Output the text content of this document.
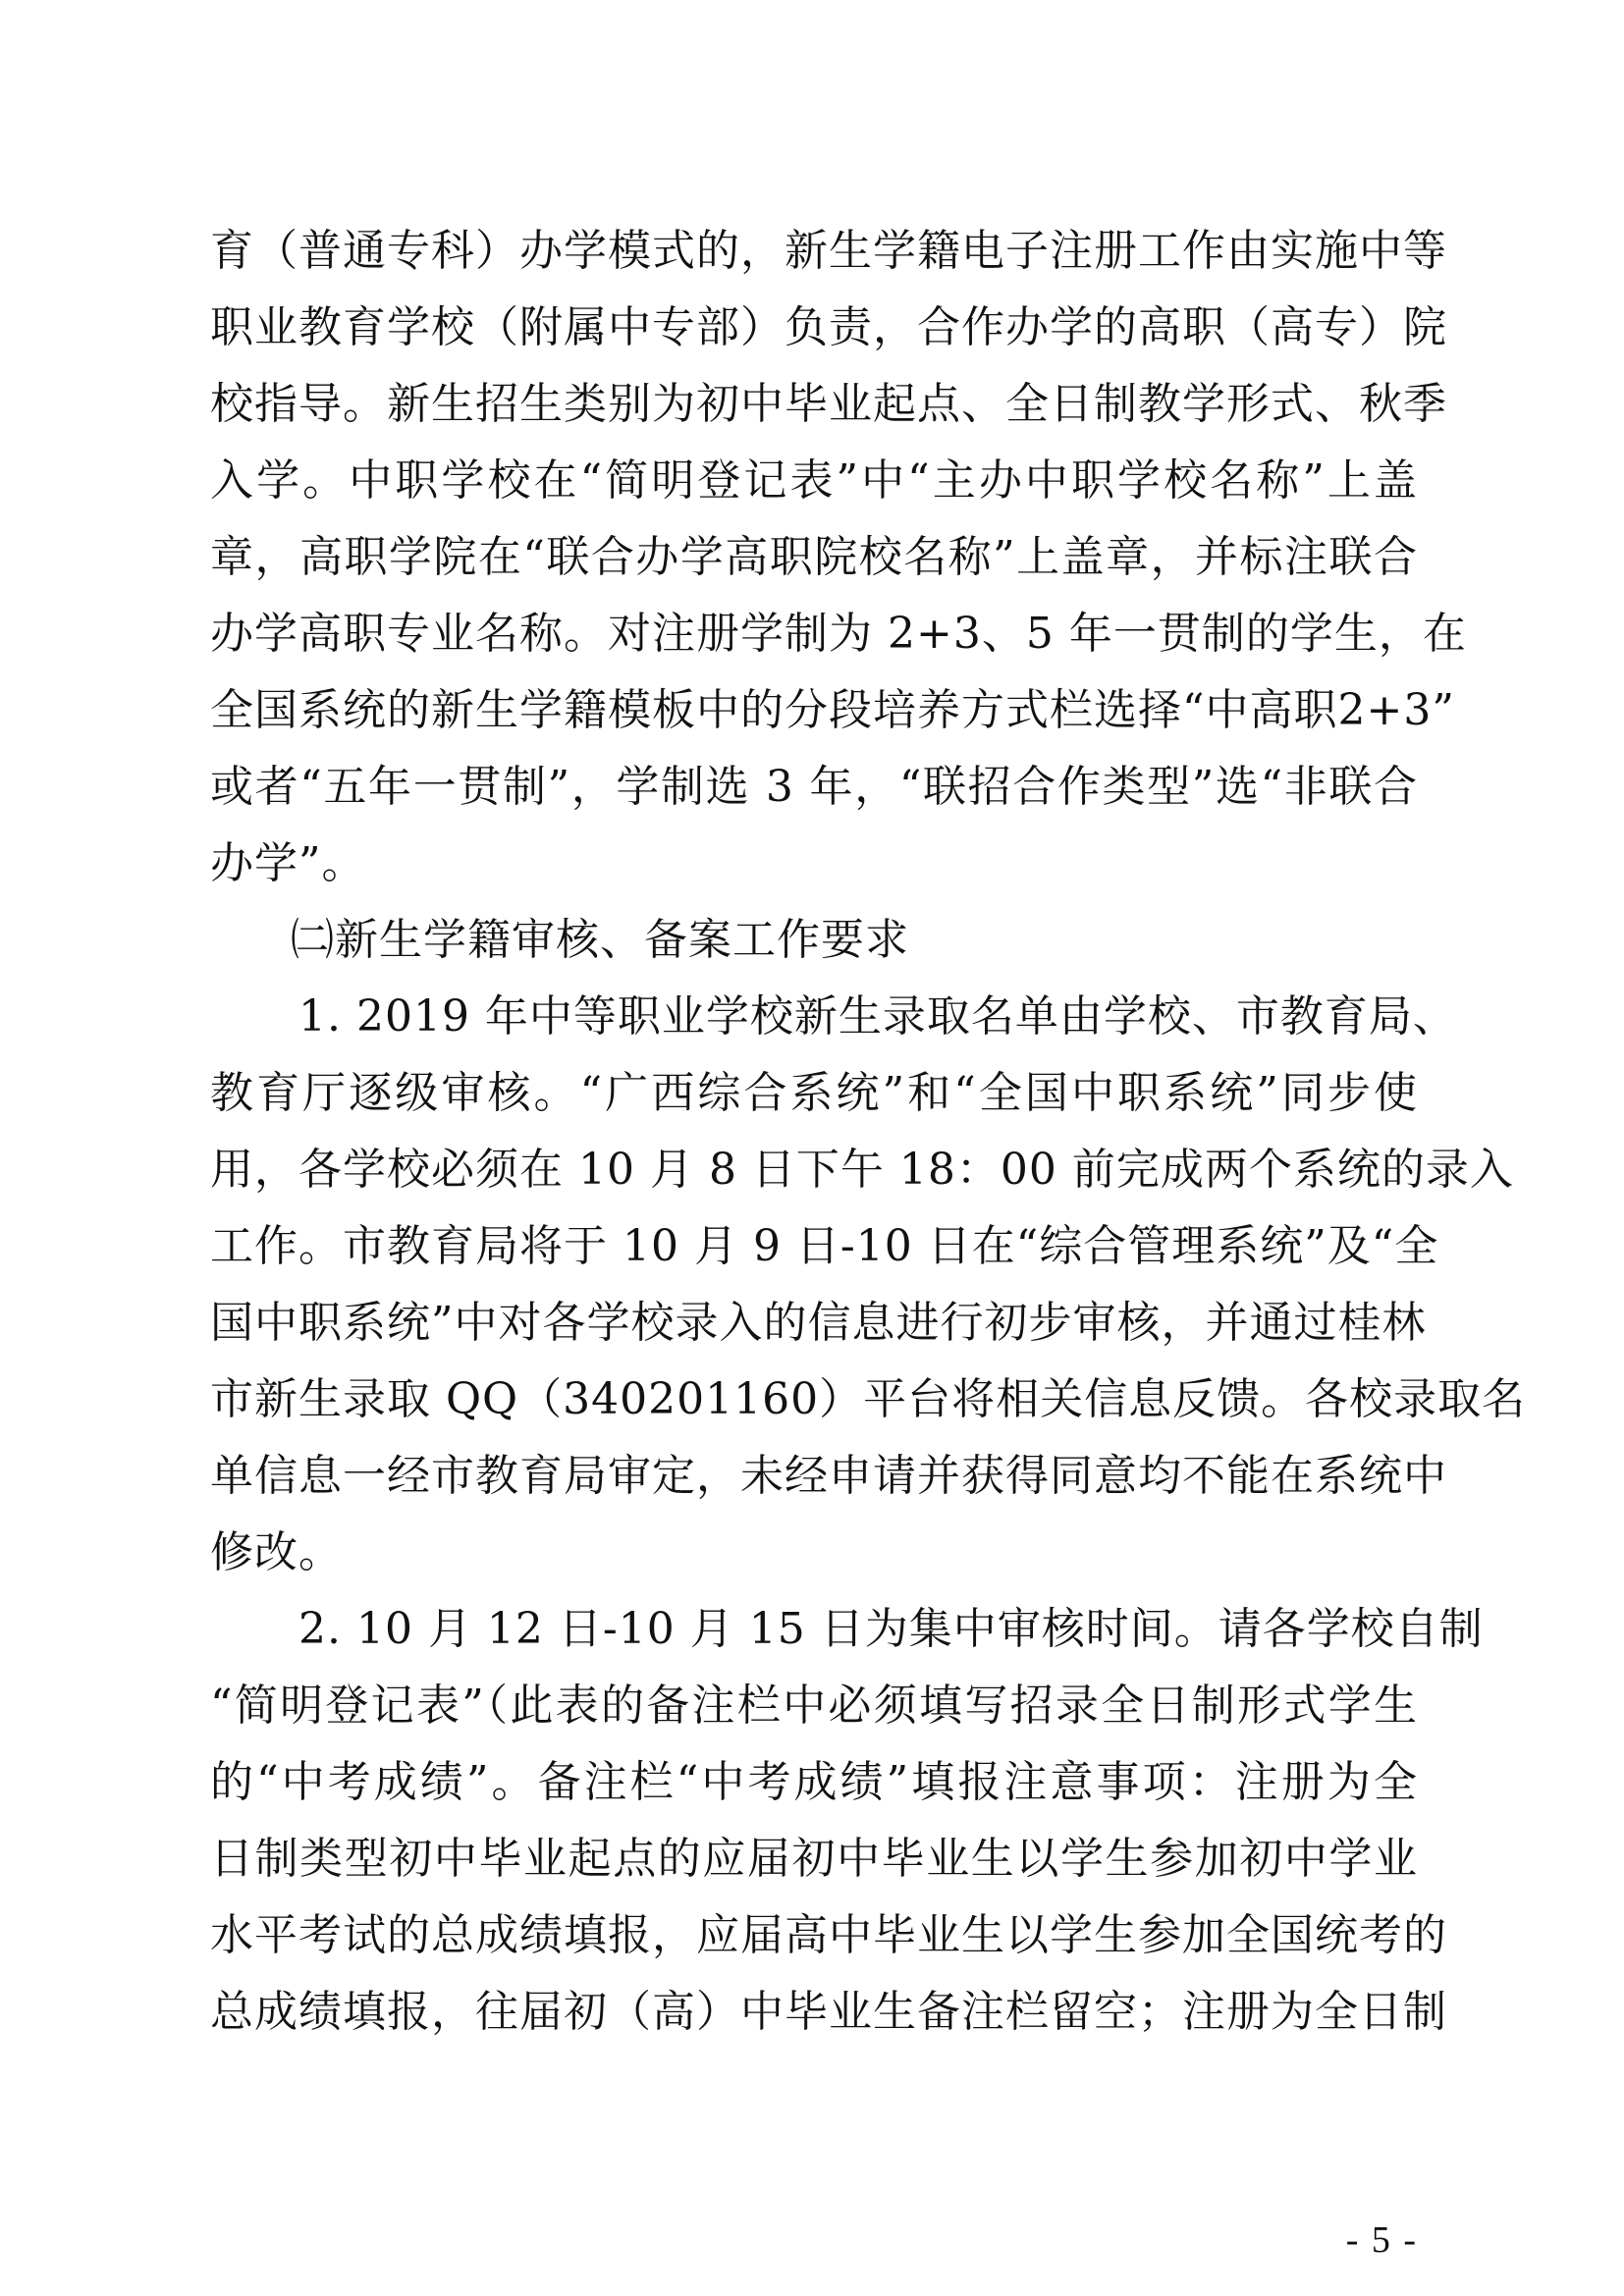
育（普通专科）办学模式的，新生学籍电子注册工作由实施中等
职业教育学校（附属中专部）负责，合作办学的高职（高专）院
校指导。新生招生类别为初中毕业起点、全日制教学形式、秋季
入学。中职学校在“简明登记表”中“主办中职学校名称”上盖
章，高职学院在“联合办学高职院校名称”上盖章，并标注联合
办学高职专业名称。对注册学制为 2+3、5 年一贯制的学生，在
全国系统的新生学籍模板中的分段培养方式栏选择“中高职2+3”
或者“五年一贯制”，学制选 3 年，“联招合作类型”选“非联合
办学”。
㈡新生学籍审核、备案工作要求
1. 2019 年中等职业学校新生录取名单由学校、市教育局、
教育厅逐级审核。“广西综合系统”和“全国中职系统”同步使
用，各学校必须在 10 月 8 日下午 18：00 前完成两个系统的录入
工作。市教育局将于 10 月 9 日-10 日在“综合管理系统”及“全
国中职系统”中对各学校录入的信息进行初步审核，并通过桂林
市新生录取 QQ（340201160）平台将相关信息反馈。各校录取名
单信息一经市教育局审定，未经申请并获得同意均不能在系统中
修改。
2. 10 月 12 日-10 月 15 日为集中审核时间。请各学校自制
“简明登记表”（此表的备注栏中必须填写招录全日制形式学生
的“中考成绩”。备注栏“中考成绩”填报注意事项：注册为全
日制类型初中毕业起点的应届初中毕业生以学生参加初中学业
水平考试的总成绩填报，应届高中毕业生以学生参加全国统考的
总成绩填报，往届初（高）中毕业生备注栏留空；注册为全日制
- 5 -
